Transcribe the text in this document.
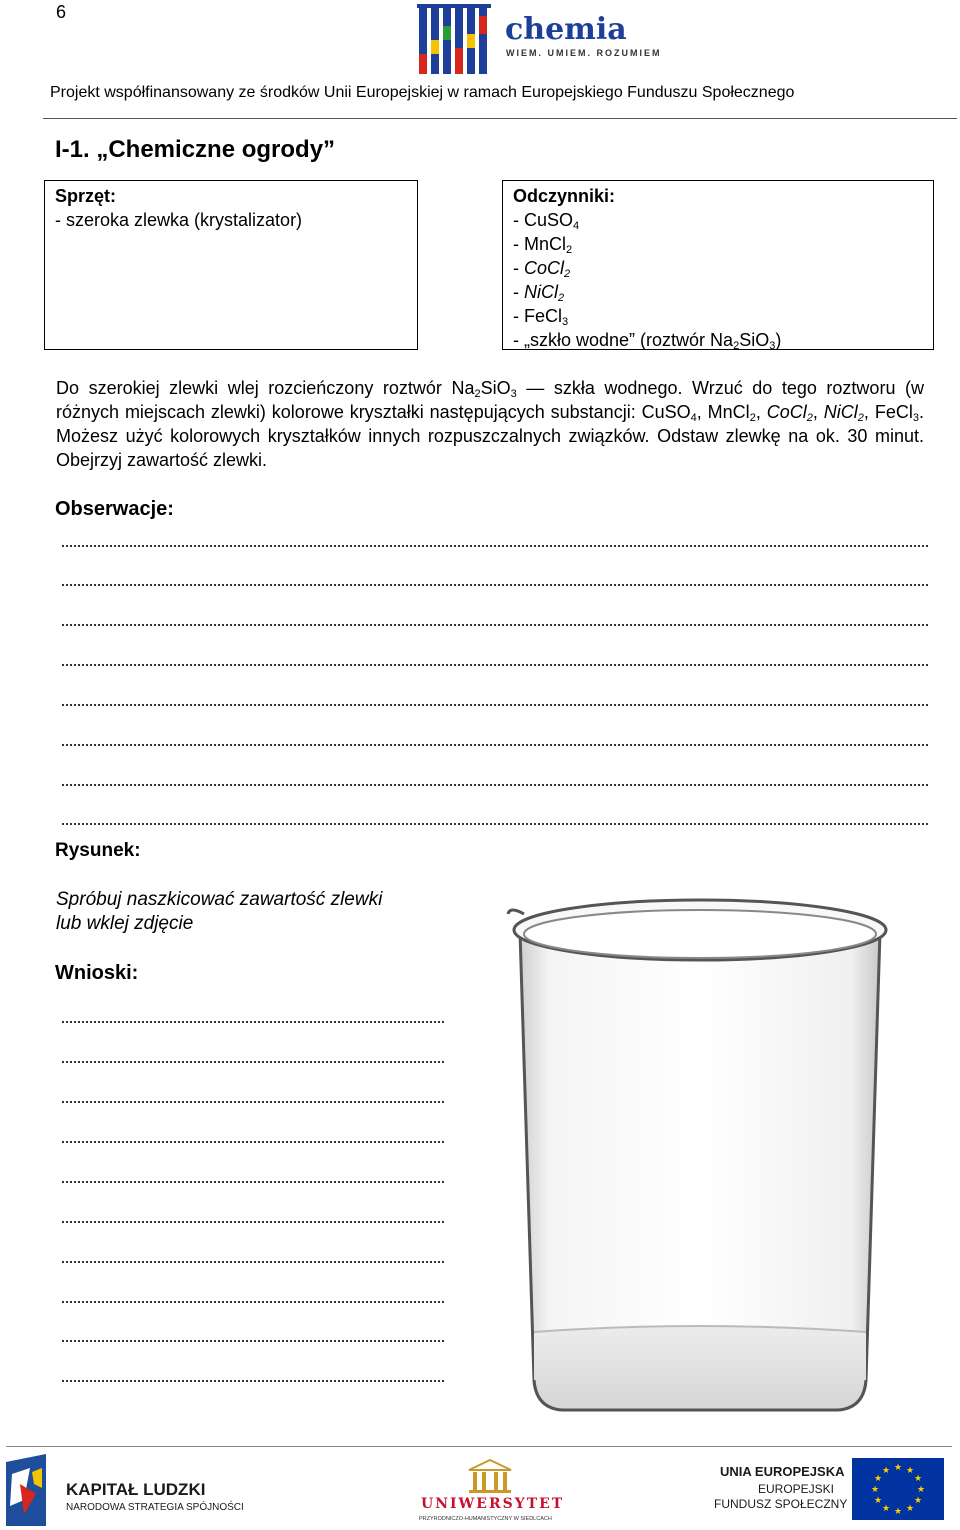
6	chemia
WIEM. UMIEM. ROZUMIEM
Projekt współfinansowany ze środków Unii Europejskiej w ramach Europejskiego Funduszu Społecznego
I-1. „Chemiczne ogrody”
Sprzęt:
- szeroka zlewka (krystalizator)
Odczynniki:
- CuSO$_4$
- MnCl$_2$
- CoCl$_2$
- NiCl$_2$
- FeCl$_3$
- „szkło wodne” (roztwór $Na_2SiO_3$)
Do szerokiej zlewki wlej rozcieńczony roztwór $Na_2SiO_3$ — szkła wodnego. Wrzuć do tego roztworu (w różnych miejscach zlewki) kolorowe kryształki następujących substancji: CuSO$_4$, MnCl$_2$, CoCl$_2$, NiCl$_2$, FeCl$_3$. Możesz użyć kolorowych kryształków innych rozpuszczalnych związków. Odstaw zlewkę na ok. 30 minut. Obejrzyj zawartość zlewki.
Obserwacje:
Rysunek:
Spróbuj naszkicować zawartość zlewki
lub wklej zdjęcie
Wnioski:
KAPITAŁ LUDZKI
NARODOWA STRATEGIA SPÓJNOŚCI	UNIWERSYTET
PRZYRODNICZO-HUMANISTYCZNY W SIEDLCACH
UNIA EUROPEJSKA
EUROPEJSKI
FUNDUSZ SPOŁECZNY
★ ★
★
★
★
★
★
★
★
★
★
★
